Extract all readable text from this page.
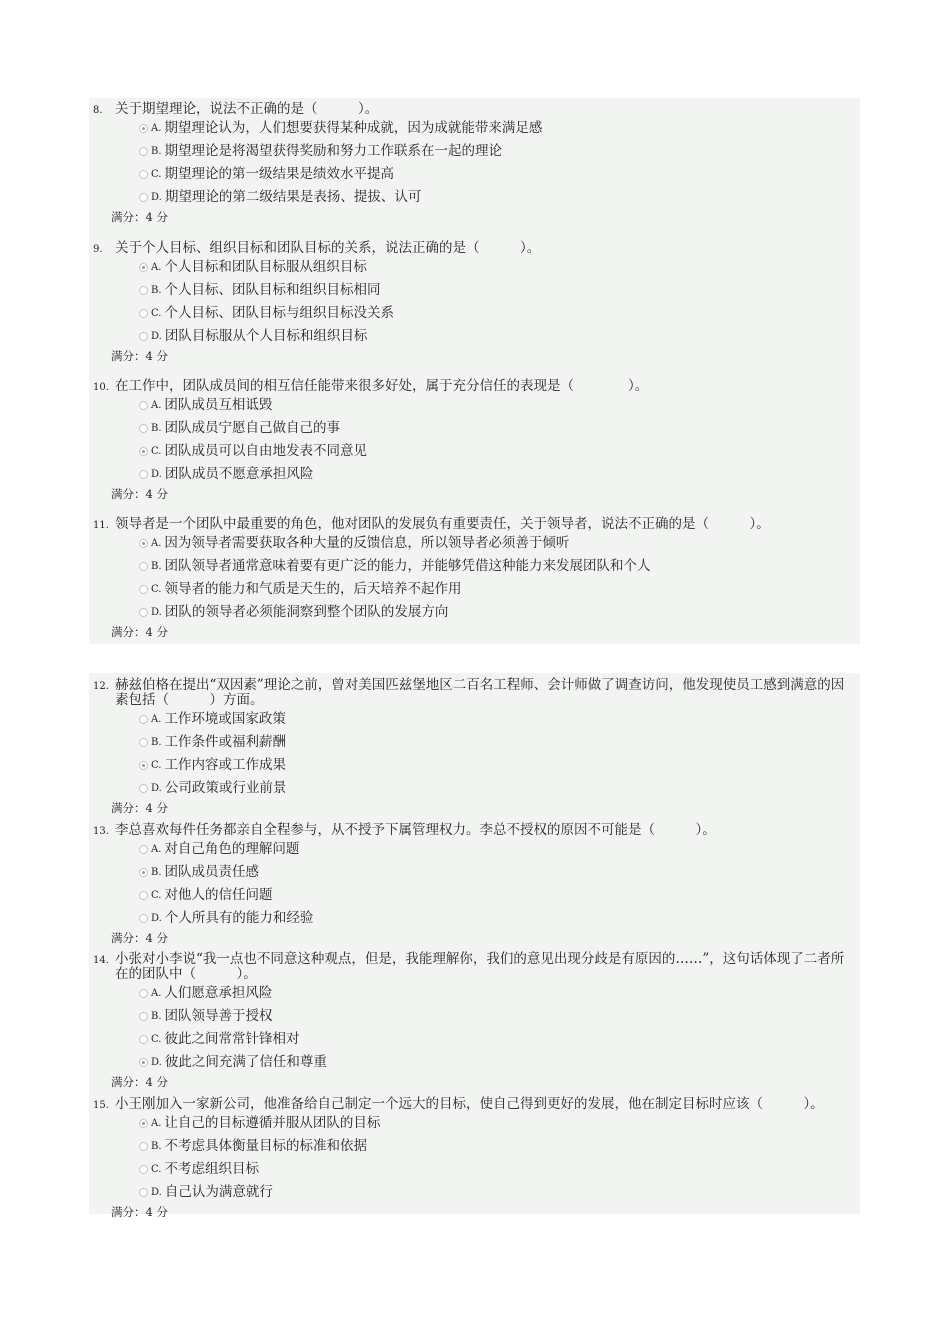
8. 关于期望理论，说法不正确的是（　　　）。
A. 期望理论认为，人们想要获得某种成就，因为成就能带来满足感
B. 期望理论是将渴望获得奖励和努力工作联系在一起的理论
C. 期望理论的第一级结果是绩效水平提高
D. 期望理论的第二级结果是表扬、提拔、认可
满分：4 分
9. 关于个人目标、组织目标和团队目标的关系，说法正确的是（　　　）。
A. 个人目标和团队目标服从组织目标
B. 个人目标、团队目标和组织目标相同
C. 个人目标、团队目标与组织目标没关系
D. 团队目标服从个人目标和组织目标
满分：4 分
10. 在工作中，团队成员间的相互信任能带来很多好处，属于充分信任的表现是（　　　　）。
A. 团队成员互相诋毁
B. 团队成员宁愿自己做自己的事
C. 团队成员可以自由地发表不同意见
D. 团队成员不愿意承担风险
满分：4 分
11. 领导者是一个团队中最重要的角色，他对团队的发展负有重要责任，关于领导者，说法不正确的是（　　　）。
A. 因为领导者需要获取各种大量的反馈信息，所以领导者必须善于倾听
B. 团队领导者通常意味着要有更广泛的能力，并能够凭借这种能力来发展团队和个人
C. 领导者的能力和气质是天生的，后天培养不起作用
D. 团队的领导者必须能洞察到整个团队的发展方向
满分：4 分
12. 赫兹伯格在提出“双因素”理论之前，曾对美国匹兹堡地区二百名工程师、会计师做了调查访问，他发现使员工感到满意的因素包括（　　　）方面。
A. 工作环境或国家政策
B. 工作条件或福利薪酬
C. 工作内容或工作成果
D. 公司政策或行业前景
满分：4 分
13. 李总喜欢每件任务都亲自全程参与，从不授予下属管理权力。李总不授权的原因不可能是（　　　）。
A. 对自己角色的理解问题
B. 团队成员责任感
C. 对他人的信任问题
D. 个人所具有的能力和经验
满分：4 分
14. 小张对小李说“我一点也不同意这种观点，但是，我能理解你，我们的意见出现分歧是有原因的……”，这句话体现了二者所在的团队中（　　　）。
A. 人们愿意承担风险
B. 团队领导善于授权
C. 彼此之间常常针锋相对
D. 彼此之间充满了信任和尊重
满分：4 分
15. 小王刚加入一家新公司，他准备给自己制定一个远大的目标，使自己得到更好的发展，他在制定目标时应该（　　　）。
A. 让自己的目标遵循并服从团队的目标
B. 不考虑具体衡量目标的标准和依据
C. 不考虑组织目标
D. 自己认为满意就行
满分：4 分
